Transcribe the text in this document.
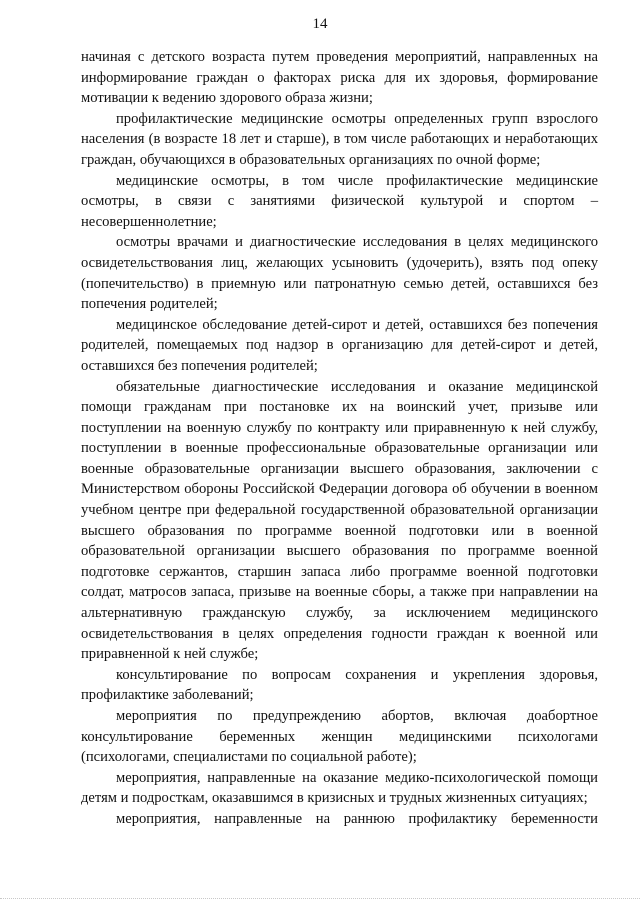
14

начиная с детского возраста путем проведения мероприятий, направленных на информирование граждан о факторах риска для их здоровья, формирование мотивации к ведению здорового образа жизни;

профилактические медицинские осмотры определенных групп взрослого населения (в возрасте 18 лет и старше), в том числе работающих и неработающих граждан, обучающихся в образовательных организациях по очной форме;

медицинские осмотры, в том числе профилактические медицинские осмотры, в связи с занятиями физической культурой и спортом – несовершеннолетние;

осмотры врачами и диагностические исследования в целях медицинского освидетельствования лиц, желающих усыновить (удочерить), взять под опеку (попечительство) в приемную или патронатную семью детей, оставшихся без попечения родителей;

медицинское обследование детей-сирот и детей, оставшихся без попечения родителей, помещаемых под надзор в организацию для детей-сирот и детей, оставшихся без попечения родителей;

обязательные диагностические исследования и оказание медицинской помощи гражданам при постановке их на воинский учет, призыве или поступлении на военную службу по контракту или приравненную к ней службу, поступлении в военные профессиональные образовательные организации или военные образовательные организации высшего образования, заключении с Министерством обороны Российской Федерации договора об обучении в военном учебном центре при федеральной государственной образовательной организации высшего образования по программе военной подготовки или в военной образовательной организации высшего образования по программе военной подготовке сержантов, старшин запаса либо программе военной подготовки солдат, матросов запаса, призыве на военные сборы, а также при направлении на альтернативную гражданскую службу, за исключением медицинского освидетельствования в целях определения годности граждан к военной или приравненной к ней службе;

консультирование по вопросам сохранения и укрепления здоровья, профилактике заболеваний;

мероприятия по предупреждению абортов, включая доабортное консультирование беременных женщин медицинскими психологами (психологами, специалистами по социальной работе);

мероприятия, направленные на оказание медико-психологической помощи детям и подросткам, оказавшимся в кризисных и трудных жизненных ситуациях;

мероприятия, направленные на раннюю профилактику беременности
